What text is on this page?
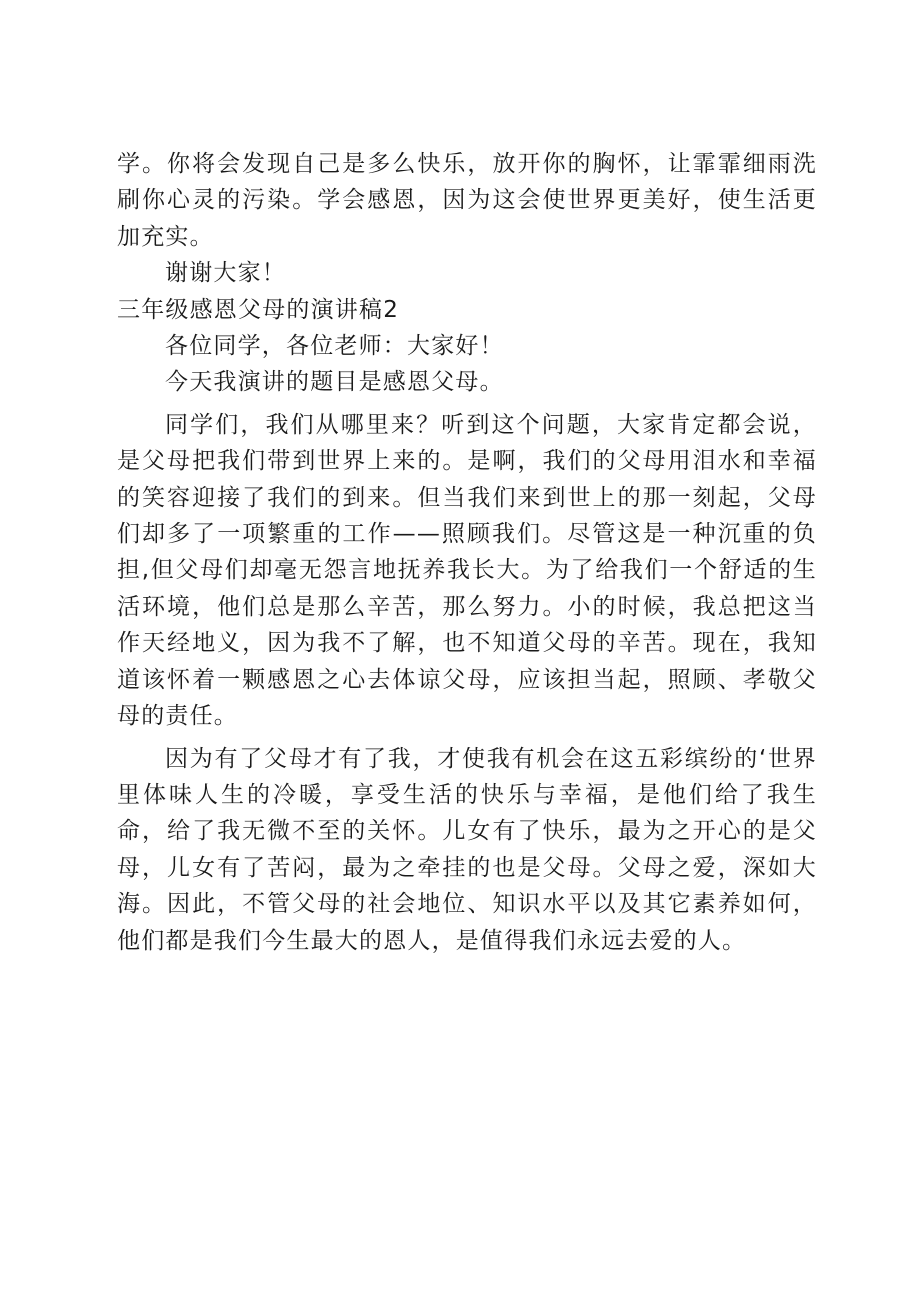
学。你将会发现自己是多么快乐，放开你的胸怀，让霏霏细雨洗刷你心灵的污染。学会感恩，因为这会使世界更美好，使生活更加充实。

谢谢大家！

三年级感恩父母的演讲稿2

各位同学，各位老师：大家好！

今天我演讲的题目是感恩父母。

同学们，我们从哪里来？听到这个问题，大家肯定都会说，是父母把我们带到世界上来的。是啊，我们的父母用泪水和幸福的笑容迎接了我们的到来。但当我们来到世上的那一刻起，父母们却多了一项繁重的工作——照顾我们。尽管这是一种沉重的负担,但父母们却毫无怨言地抚养我长大。为了给我们一个舒适的生活环境，他们总是那么辛苦，那么努力。小的时候，我总把这当作天经地义，因为我不了解，也不知道父母的辛苦。现在，我知道该怀着一颗感恩之心去体谅父母，应该担当起，照顾、孝敬父母的责任。

因为有了父母才有了我，才使我有机会在这五彩缤纷的‘世界里体味人生的冷暖，享受生活的快乐与幸福，是他们给了我生命，给了我无微不至的关怀。儿女有了快乐，最为之开心的是父母，儿女有了苦闷，最为之牵挂的也是父母。父母之爱，深如大海。因此，不管父母的社会地位、知识水平以及其它素养如何，他们都是我们今生最大的恩人，是值得我们永远去爱的人。
